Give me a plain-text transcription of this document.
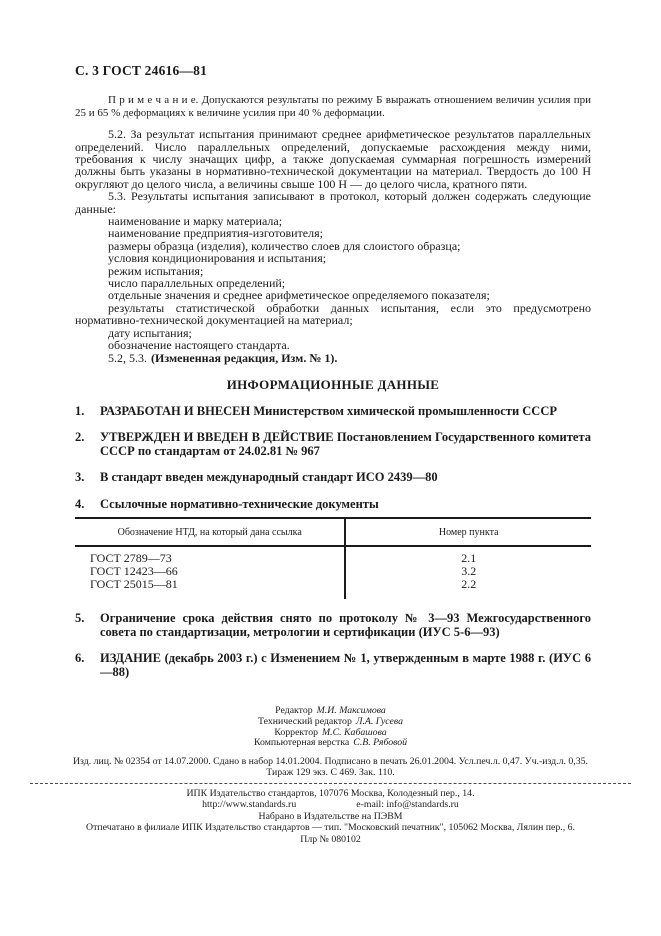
С. 3 ГОСТ 24616—81

П р и м е ч а н и е. Допускаются результаты по режиму Б выражать отношением величин усилия при 25 и 65 % деформациях к величине усилия при 40 % деформации.

5.2. За результат испытания принимают среднее арифметическое результатов параллельных определений. Число параллельных определений, допускаемые расхождения между ними, требования к числу значащих цифр, а также допускаемая суммарная погрешность измерений должны быть указаны в нормативно-технической документации на материал. Твердость до 100 Н округляют до целого числа, а величины свыше 100 Н — до целого числа, кратного пяти.

5.3. Результаты испытания записывают в протокол, который должен содержать следующие данные:

наименование и марку материала;
наименование предприятия-изготовителя;
размеры образца (изделия), количество слоев для слоистого образца;
условия кондиционирования и испытания;
режим испытания;
число параллельных определений;
отдельные значения и среднее арифметическое определяемого показателя;
результаты статистической обработки данных испытания, если это предусмотрено нормативно-технической документацией на материал;
дату испытания;
обозначение настоящего стандарта.
5.2, 5.3. (Измененная редакция, Изм. № 1).
ИНФОРМАЦИОННЫЕ ДАННЫЕ
1. РАЗРАБОТАН И ВНЕСЕН Министерством химической промышленности СССР
2. УТВЕРЖДЕН И ВВЕДЕН В ДЕЙСТВИЕ Постановлением Государственного комитета СССР по стандартам от 24.02.81 № 967
3. В стандарт введен международный стандарт ИСО 2439—80
4. Ссылочные нормативно-технические документы
Обозначение НТД, на который дана ссылка	Номер пункта
ГОСТ 2789—73	2.1
ГОСТ 12423—66	3.2
ГОСТ 25015—81	2.2
5. Ограничение срока действия снято по протоколу № 3—93 Межгосударственного совета по стандартизации, метрологии и сертификации (ИУС 5-6—93)
6. ИЗДАНИЕ (декабрь 2003 г.) с Изменением № 1, утвержденным в марте 1988 г. (ИУС 6—88)
Редактор М.И. Максимова
Технический редактор Л.А. Гусева
Корректор М.С. Кабашова
Компьютерная верстка С.В. Рябовой
Изд. лиц. № 02354 от 14.07.2000. Сдано в набор 14.01.2004. Подписано в печать 26.01.2004. Усл.печ.л. 0,47. Уч.-изд.л. 0,35.
Тираж 129 экз. С 469. Зак. 110.
ИПК Издательство стандартов, 107076 Москва, Колодезный пер., 14.
http://www.standards.ru	e-mail: info@standards.ru
Набрано в Издательстве на ПЭВМ
Отпечатано в филиале ИПК Издательство стандартов — тип. "Московский печатник", 105062 Москва, Лялин пер., 6.
Плр № 080102
